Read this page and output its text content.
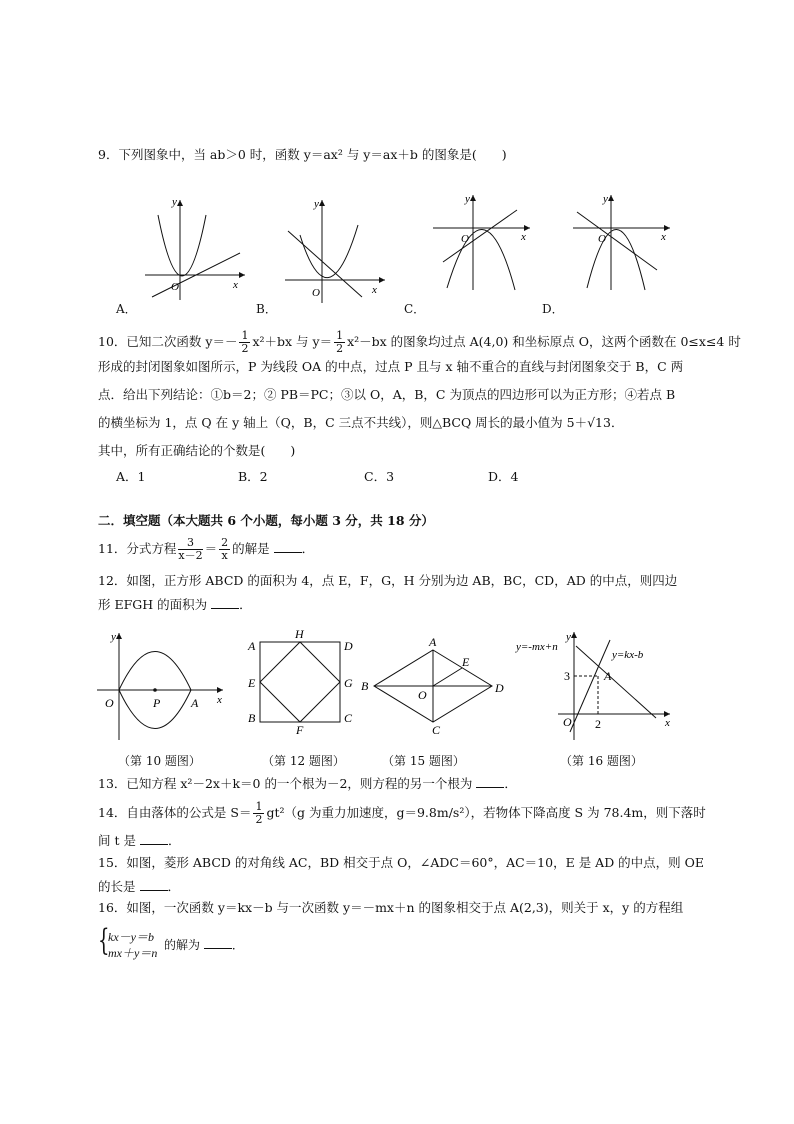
9．下列图象中，当 ab＞0 时，函数 y＝ax² 与 y＝ax＋b 的图象是(　　)
y
x
O
A．
y
x
O
B．
y
x
O
C．
y
x
O
D．
10．已知二次函数 $y=- \frac{1}{2} x^2+bx$ 与 $y= \frac{1}{2} x^2-bx$ 的图象均过点 A(4,0) 和坐标原点 O，这两个函数在 0≤x≤4 时
形成的封闭图象如图所示，P 为线段 OA 的中点，过点 P 且与 x 轴不重合的直线与封闭图象交于 B，C 两
点．给出下列结论：①b＝2；② PB＝PC；③以 O，A，B，C 为顶点的四边形可以为正方形；④若点 B
的横坐标为 1，点 Q 在 y 轴上（Q，B，C 三点不共线），则△BCQ 周长的最小值为 5＋√13．
其中，所有正确结论的个数是(　　)
A．1	B．2	C．3	D．4
二．填空题（本大题共 6 个小题，每小题 3 分，共 18 分）
11．分式方程 $\frac{3}{x-2} = \frac{2}{x}$ 的解是	．
12．如图，正方形 ABCD 的面积为 4，点 E，F，G，H 分别为边 AB，BC，CD，AD 的中点，则四边
形 EFGH 的面积为	．
y
x
O	P	A
（第 10 题图）
A
H
D
E	G
B
F
C
（第 12 题图）
A
E
B
O	D
C
（第 15 题图）
y=-mx+n
y=kx-b
y
x
A
3
2
O
（第 16 题图）
13．已知方程 x²－2x＋k＝0 的一个根为－2，则方程的另一个根为	．
14．自由落体的公式是 $S= \frac{1}{2} gt^2(g$ 为重力加速度，g＝9.8m/s²），若物体下降高度 S 为 78.4m，则下落时
间 t 是	．
15．如图，菱形 ABCD 的对角线 AC，BD 相交于点 O，∠ADC＝60°，AC＝10，E 是 AD 的中点，则 OE
的长是	．
16．如图，一次函数 y＝kx－b 与一次函数 y＝－mx＋n 的图象相交于点 A(2,3)，则关于 x，y 的方程组
{
kx－y＝b
mx＋y＝n
的解为	．
